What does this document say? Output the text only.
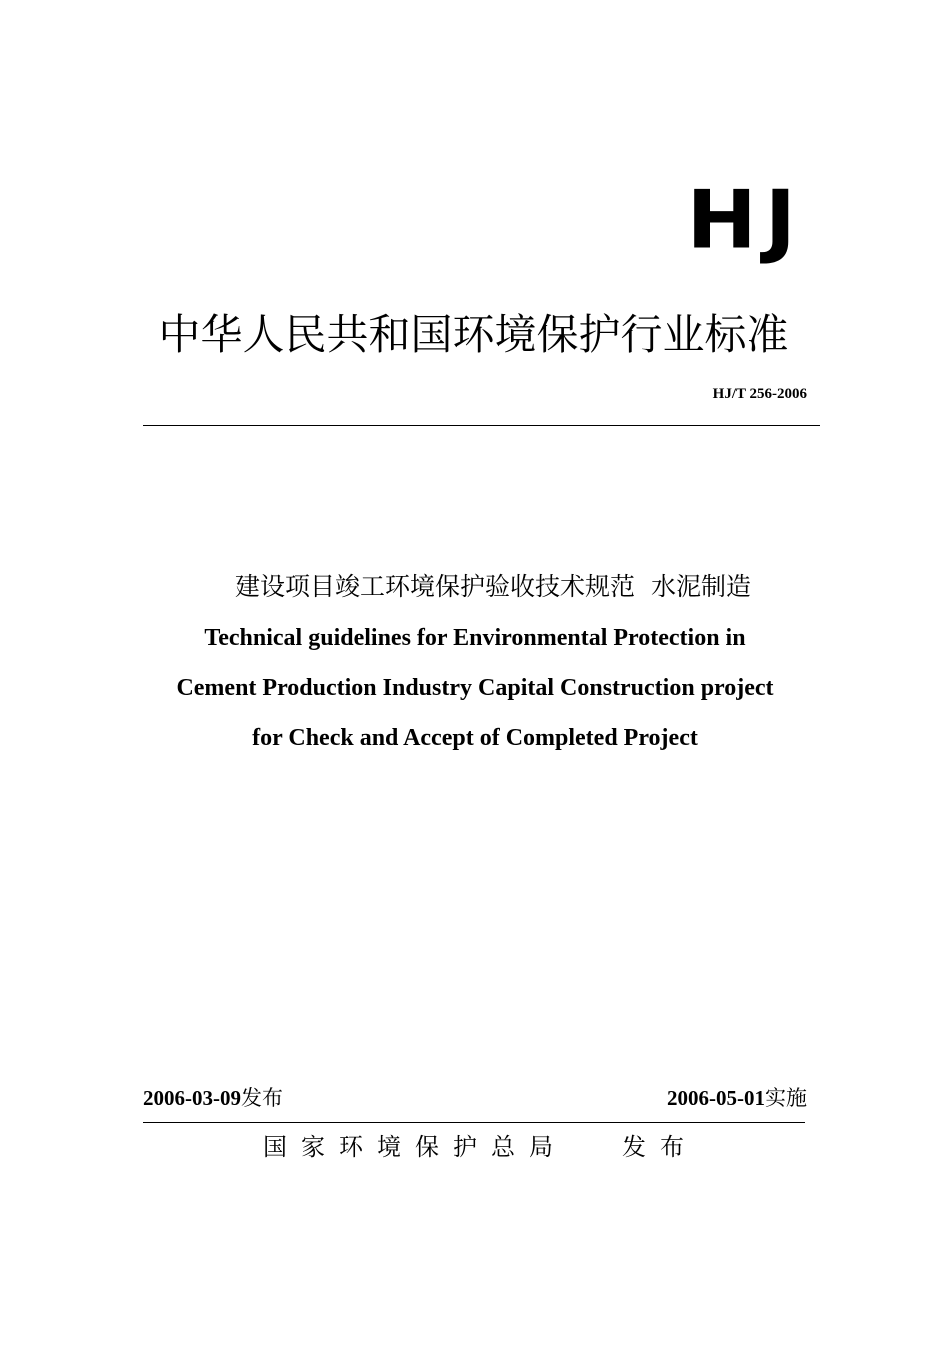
HJ
中华人民共和国环境保护行业标准
HJ/T 256-2006
建设项目竣工环境保护验收技术规范  水泥制造
Technical guidelines for Environmental Protection in
Cement Production Industry Capital Construction project
for Check and Accept of Completed Project
2006-03-09发布	2006-05-01实施
国家环境保护总局 发布
